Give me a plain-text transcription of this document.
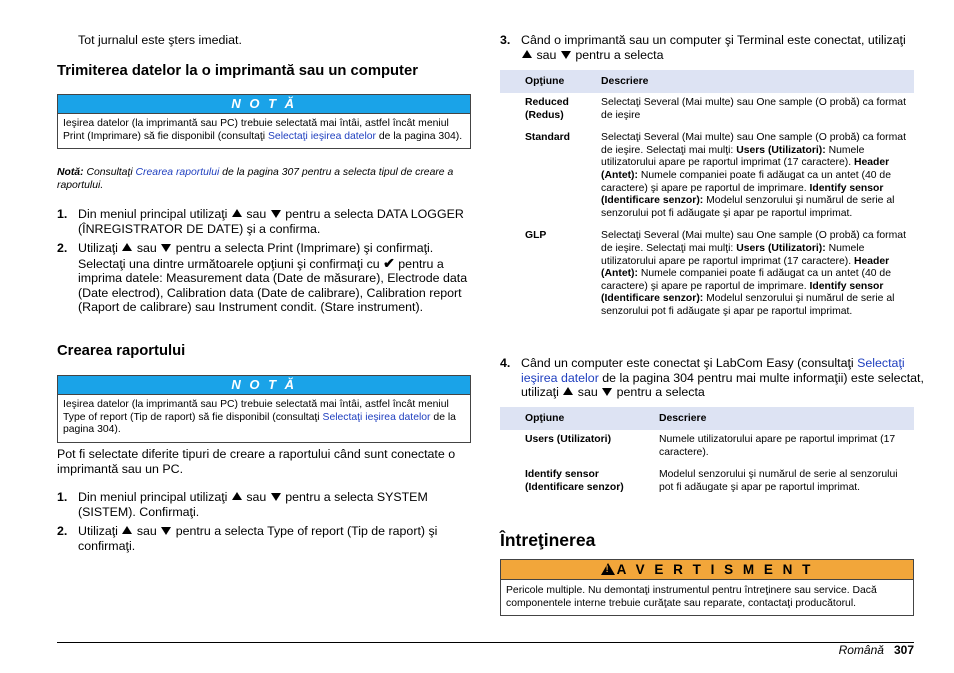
Tot jurnalul este şters imediat.
Trimiterea datelor la o imprimantă sau un computer
N O T Ă
Ieşirea datelor (la imprimantă sau PC) trebuie selectată mai întâi, astfel încât meniul Print (Imprimare) să fie disponibil (consultaţi Selectaţi ieşirea datelor de la pagina 304).
Notă: Consultaţi Crearea raportului de la pagina 307 pentru a selecta tipul de creare a raportului.
1. Din meniul principal utilizaţi  sau  pentru a selecta DATA LOGGER (ÎNREGISTRATOR DE DATE) şi a confirma.
2. Utilizaţi  sau  pentru a selecta Print (Imprimare) şi confirmaţi. Selectaţi una dintre următoarele opţiuni şi confirmaţi cu ✔ pentru a imprima datele: Measurement data (Date de măsurare), Electrode data (Date electrod), Calibration data (Date de calibrare), Calibration report (Raport de calibrare) sau Instrument condit. (Stare instrument).
Crearea raportului
N O T Ă
Ieşirea datelor (la imprimantă sau PC) trebuie selectată mai întâi, astfel încât meniul Type of report (Tip de raport) să fie disponibil (consultaţi Selectaţi ieşirea datelor de la pagina 304).
Pot fi selectate diferite tipuri de creare a raportului când sunt conectate o imprimantă sau un PC.
1. Din meniul principal utilizaţi  sau  pentru a selecta SYSTEM (SISTEM). Confirmaţi.
2. Utilizaţi  sau  pentru a selecta Type of report (Tip de raport) şi confirmaţi.
3. Când o imprimantă sau un computer şi Terminal este conectat, utilizaţi  sau  pentru a selecta
Opţiune	Descriere
Reduced (Redus)	Selectaţi Several (Mai multe) sau One sample (O probă) ca format de ieşire
Standard	Selectaţi Several (Mai multe) sau One sample (O probă) ca format de ieşire. Selectaţi mai mulţi: Users (Utilizatori): Numele utilizatorului apare pe raportul imprimat (17 caractere). Header (Antet): Numele companiei poate fi adăugat ca un antet (40 de caractere) şi apare pe raportul de imprimare. Identify sensor (Identificare senzor): Modelul senzorului şi numărul de serie al senzorului pot fi adăugate şi apar pe raportul imprimat.
GLP	Selectaţi Several (Mai multe) sau One sample (O probă) ca format de ieşire. Selectaţi mai mulţi: Users (Utilizatori): Numele utilizatorului apare pe raportul imprimat (17 caractere). Header (Antet): Numele companiei poate fi adăugat ca un antet (40 de caractere) şi apare pe raportul de imprimare. Identify sensor (Identificare senzor): Modelul senzorului şi numărul de serie al senzorului pot fi adăugate şi apar pe raportul imprimat.
4. Când un computer este conectat şi LabCom Easy (consultaţi Selectaţi ieşirea datelor de la pagina 304 pentru mai multe informaţii) este selectat, utilizaţi  sau  pentru a selecta
Opţiune	Descriere
Users (Utilizatori)	Numele utilizatorului apare pe raportul imprimat (17 caractere).
Identify sensor (Identificare senzor)	Modelul senzorului şi numărul de serie al senzorului pot fi adăugate şi apar pe raportul imprimat.
Întreţinerea
!A V E R T I S M E N T
Pericole multiple. Nu demontaţi instrumentul pentru întreţinere sau service. Dacă componentele interne trebuie curăţate sau reparate, contactaţi producătorul.
Română 307
